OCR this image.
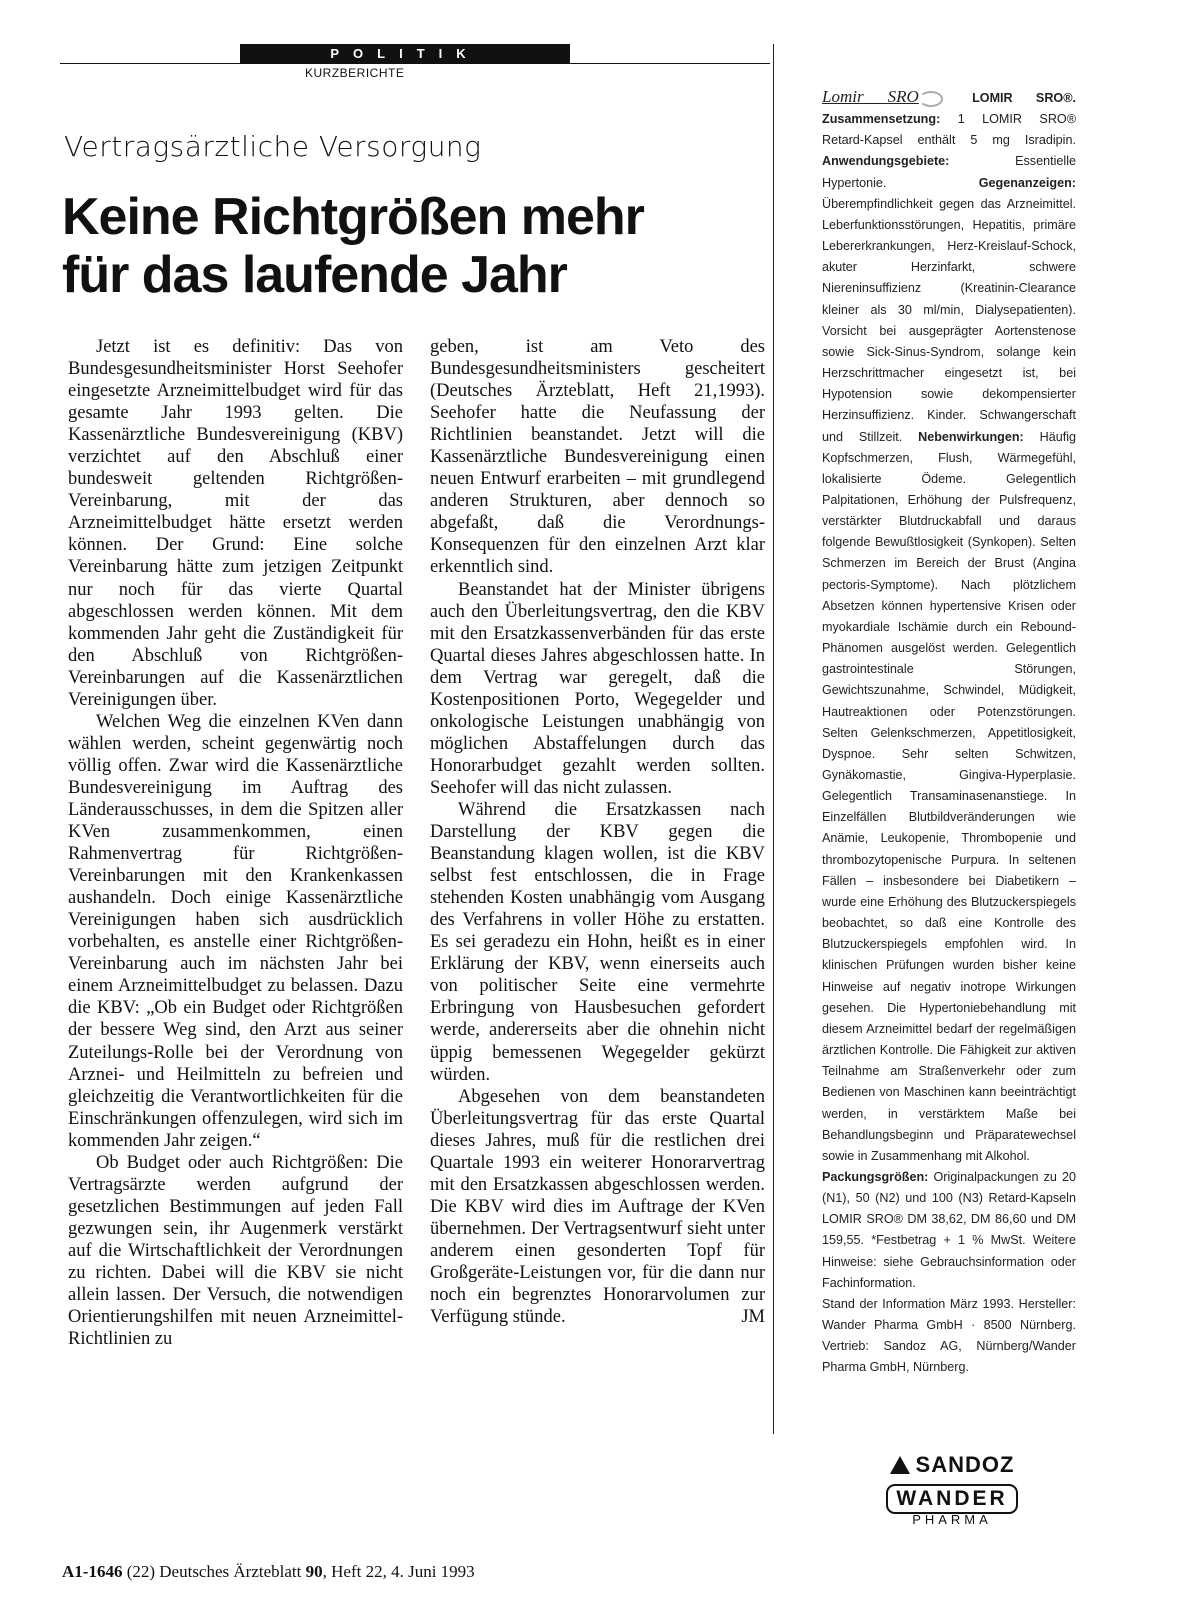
POLITIK
KURZBERICHTE
Vertragsärztliche Versorgung
Keine Richtgrößen mehr
für das laufende Jahr

Jetzt ist es definitiv: Das von Bundesgesundheitsminister Horst Seehofer eingesetzte Arzneimittelbudget wird für das gesamte Jahr 1993 gelten. Die Kassenärztliche Bundesvereinigung (KBV) verzichtet auf den Abschluß einer bundesweit geltenden Richtgrößen-Vereinbarung, mit der das Arzneimittelbudget hätte ersetzt werden können. Der Grund: Eine solche Vereinbarung hätte zum jetzigen Zeitpunkt nur noch für das vierte Quartal abgeschlossen werden können. Mit dem kommenden Jahr geht die Zuständigkeit für den Abschluß von Richtgrößen-Vereinbarungen auf die Kassenärztlichen Vereinigungen über.

Welchen Weg die einzelnen KVen dann wählen werden, scheint gegenwärtig noch völlig offen. Zwar wird die Kassenärztliche Bundesvereinigung im Auftrag des Länderausschusses, in dem die Spitzen aller KVen zusammenkommen, einen Rahmenvertrag für Richtgrößen-Vereinbarungen mit den Krankenkassen aushandeln. Doch einige Kassenärztliche Vereinigungen haben sich ausdrücklich vorbehalten, es anstelle einer Richtgrößen-Vereinbarung auch im nächsten Jahr bei einem Arzneimittelbudget zu belassen. Dazu die KBV: „Ob ein Budget oder Richtgrößen der bessere Weg sind, den Arzt aus seiner Zuteilungs-Rolle bei der Verordnung von Arznei- und Heilmitteln zu befreien und gleichzeitig die Verantwortlichkeiten für die Einschränkungen offenzulegen, wird sich im kommenden Jahr zeigen.“

Ob Budget oder auch Richtgrößen: Die Vertragsärzte werden aufgrund der gesetzlichen Bestimmungen auf jeden Fall gezwungen sein, ihr Augenmerk verstärkt auf die Wirtschaftlichkeit der Verordnungen zu richten. Dabei will die KBV sie nicht allein lassen. Der Versuch, die notwendigen Orientierungshilfen mit neuen Arzneimittel-Richtlinien zu

geben, ist am Veto des Bundesgesundheitsministers gescheitert (Deutsches Ärzteblatt, Heft 21,1993). Seehofer hatte die Neufassung der Richtlinien beanstandet. Jetzt will die Kassenärztliche Bundesvereinigung einen neuen Entwurf erarbeiten – mit grundlegend anderen Strukturen, aber dennoch so abgefaßt, daß die Verordnungs-Konsequenzen für den einzelnen Arzt klar erkenntlich sind.

Beanstandet hat der Minister übrigens auch den Überleitungsvertrag, den die KBV mit den Ersatzkassenverbänden für das erste Quartal dieses Jahres abgeschlossen hatte. In dem Vertrag war geregelt, daß die Kostenpositionen Porto, Wegegelder und onkologische Leistungen unabhängig von möglichen Abstaffelungen durch das Honorarbudget gezahlt werden sollten. Seehofer will das nicht zulassen.

Während die Ersatzkassen nach Darstellung der KBV gegen die Beanstandung klagen wollen, ist die KBV selbst fest entschlossen, die in Frage stehenden Kosten unabhängig vom Ausgang des Verfahrens in voller Höhe zu erstatten. Es sei geradezu ein Hohn, heißt es in einer Erklärung der KBV, wenn einerseits auch von politischer Seite eine vermehrte Erbringung von Hausbesuchen gefordert werde, andererseits aber die ohnehin nicht üppig bemessenen Wegegelder gekürzt würden.

Abgesehen von dem beanstandeten Überleitungsvertrag für das erste Quartal dieses Jahres, muß für die restlichen drei Quartale 1993 ein weiterer Honorarvertrag mit den Ersatzkassen abgeschlossen werden. Die KBV wird dies im Auftrage der KVen übernehmen. Der Vertragsentwurf sieht unter anderem einen gesonderten Topf für Großgeräte-Leistungen vor, für die dann nur noch ein begrenztes Honorarvolumen zur Verfügung stünde.	JM

A1-1646 (22) Deutsches Ärzteblatt 90, Heft 22, 4. Juni 1993

Lomir SRO	LOMIR SRO®. Zusammensetzung: 1 LOMIR SRO® Retard-Kapsel enthält 5 mg Isradipin. Anwendungsgebiete:	Essentielle Hypertonie.	Gegenanzeigen: Überempfindlichkeit gegen das Arzneimittel. Leberfunktionsstörungen, Hepatitis, primäre Lebererkrankungen, Herz-Kreislauf-Schock, akuter Herzinfarkt, schwere Niereninsuffizienz (Kreatinin-Clearance kleiner als 30 ml/min, Dialysepatienten). Vorsicht bei ausgeprägter Aortenstenose sowie Sick-Sinus-Syndrom, solange kein Herzschrittmacher eingesetzt ist, bei Hypotension sowie dekompensierter Herzinsuffizienz. Kinder. Schwangerschaft und Stillzeit. Nebenwirkungen: Häufig Kopfschmerzen, Flush, Wärmegefühl, lokalisierte Ödeme. Gelegentlich Palpitationen, Erhöhung der Pulsfrequenz, verstärkter Blutdruckabfall und daraus folgende Bewußtlosigkeit (Synkopen). Selten Schmerzen im Bereich der Brust (Angina pectoris-Symptome). Nach plötzlichem Absetzen können hypertensive Krisen oder myokardiale Ischämie durch ein Rebound-Phänomen ausgelöst werden. Gelegentlich gastrointestinale Störungen, Gewichtszunahme, Schwindel, Müdigkeit, Hautreaktionen oder Potenzstörungen. Selten Gelenkschmerzen, Appetitlosigkeit, Dyspnoe. Sehr selten Schwitzen, Gynäkomastie, Gingiva-Hyperplasie. Gelegentlich Transaminasenanstiege. In Einzelfällen Blutbildveränderungen wie Anämie, Leukopenie, Thrombopenie und thrombozytopenische Purpura. In seltenen Fällen – insbesondere bei Diabetikern – wurde eine Erhöhung des Blutzuckerspiegels beobachtet, so daß eine Kontrolle des Blutzuckerspiegels empfohlen wird. In klinischen Prüfungen wurden bisher keine Hinweise auf negativ inotrope Wirkungen gesehen. Die Hypertoniebehandlung mit diesem Arzneimittel bedarf der regelmäßigen ärztlichen Kontrolle. Die Fähigkeit zur aktiven Teilnahme am Straßenverkehr oder zum Bedienen von Maschinen kann beeinträchtigt werden, in verstärktem Maße bei Behandlungsbeginn und Präparatewechsel sowie in Zusammenhang mit Alkohol.

Packungsgrößen: Originalpackungen zu 20 (N1), 50 (N2) und 100 (N3) Retard-Kapseln LOMIR SRO® DM 38,62, DM 86,60 und DM 159,55. *Festbetrag + 1 % MwSt. Weitere Hinweise: siehe Gebrauchsinformation oder Fachinformation.

Stand der Information März 1993. Hersteller: Wander Pharma GmbH · 8500 Nürnberg. Vertrieb: Sandoz AG, Nürnberg/Wander Pharma GmbH, Nürnberg.

SANDOZ
WANDER
PHARMA
